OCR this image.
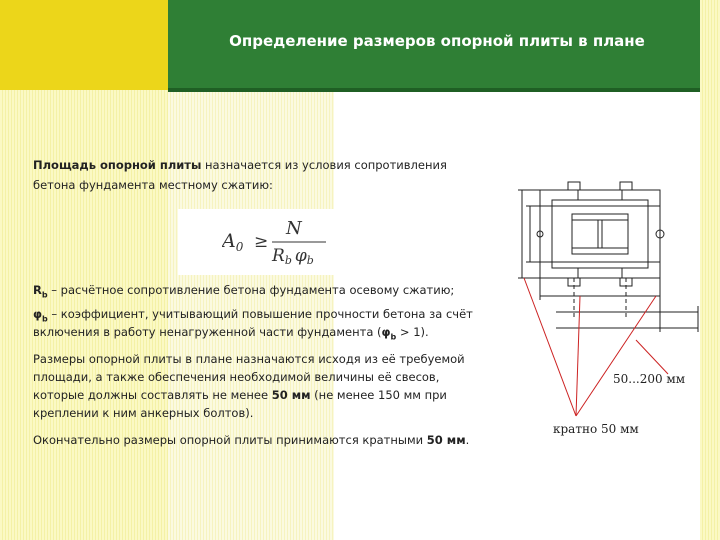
Определение размеров опорной плиты в плане
Площадь опорной плиты назначается из условия сопротивления
бетона фундамента местному сжатию:
$A_0$ ≥
N
Rb φb
$R_b$ – расчётное сопротивление бетона фундамента осевому сжатию;
$\varphi_b$ – коэффициент, учитывающий повышение прочности бетона за счёт
включения в работу ненагруженной части фундамента $(\varphi_b > 1)$.
Размеры опорной плиты в плане назначаются исходя из её требуемой
площади, а также обеспечения необходимой величины её свесов,
которые должны составлять не менее 50 мм (не менее 150 мм при
креплении к ним анкерных болтов).
Окончательно размеры опорной плиты принимаются кратными 50 мм.
50...200 мм
кратно 50 мм
